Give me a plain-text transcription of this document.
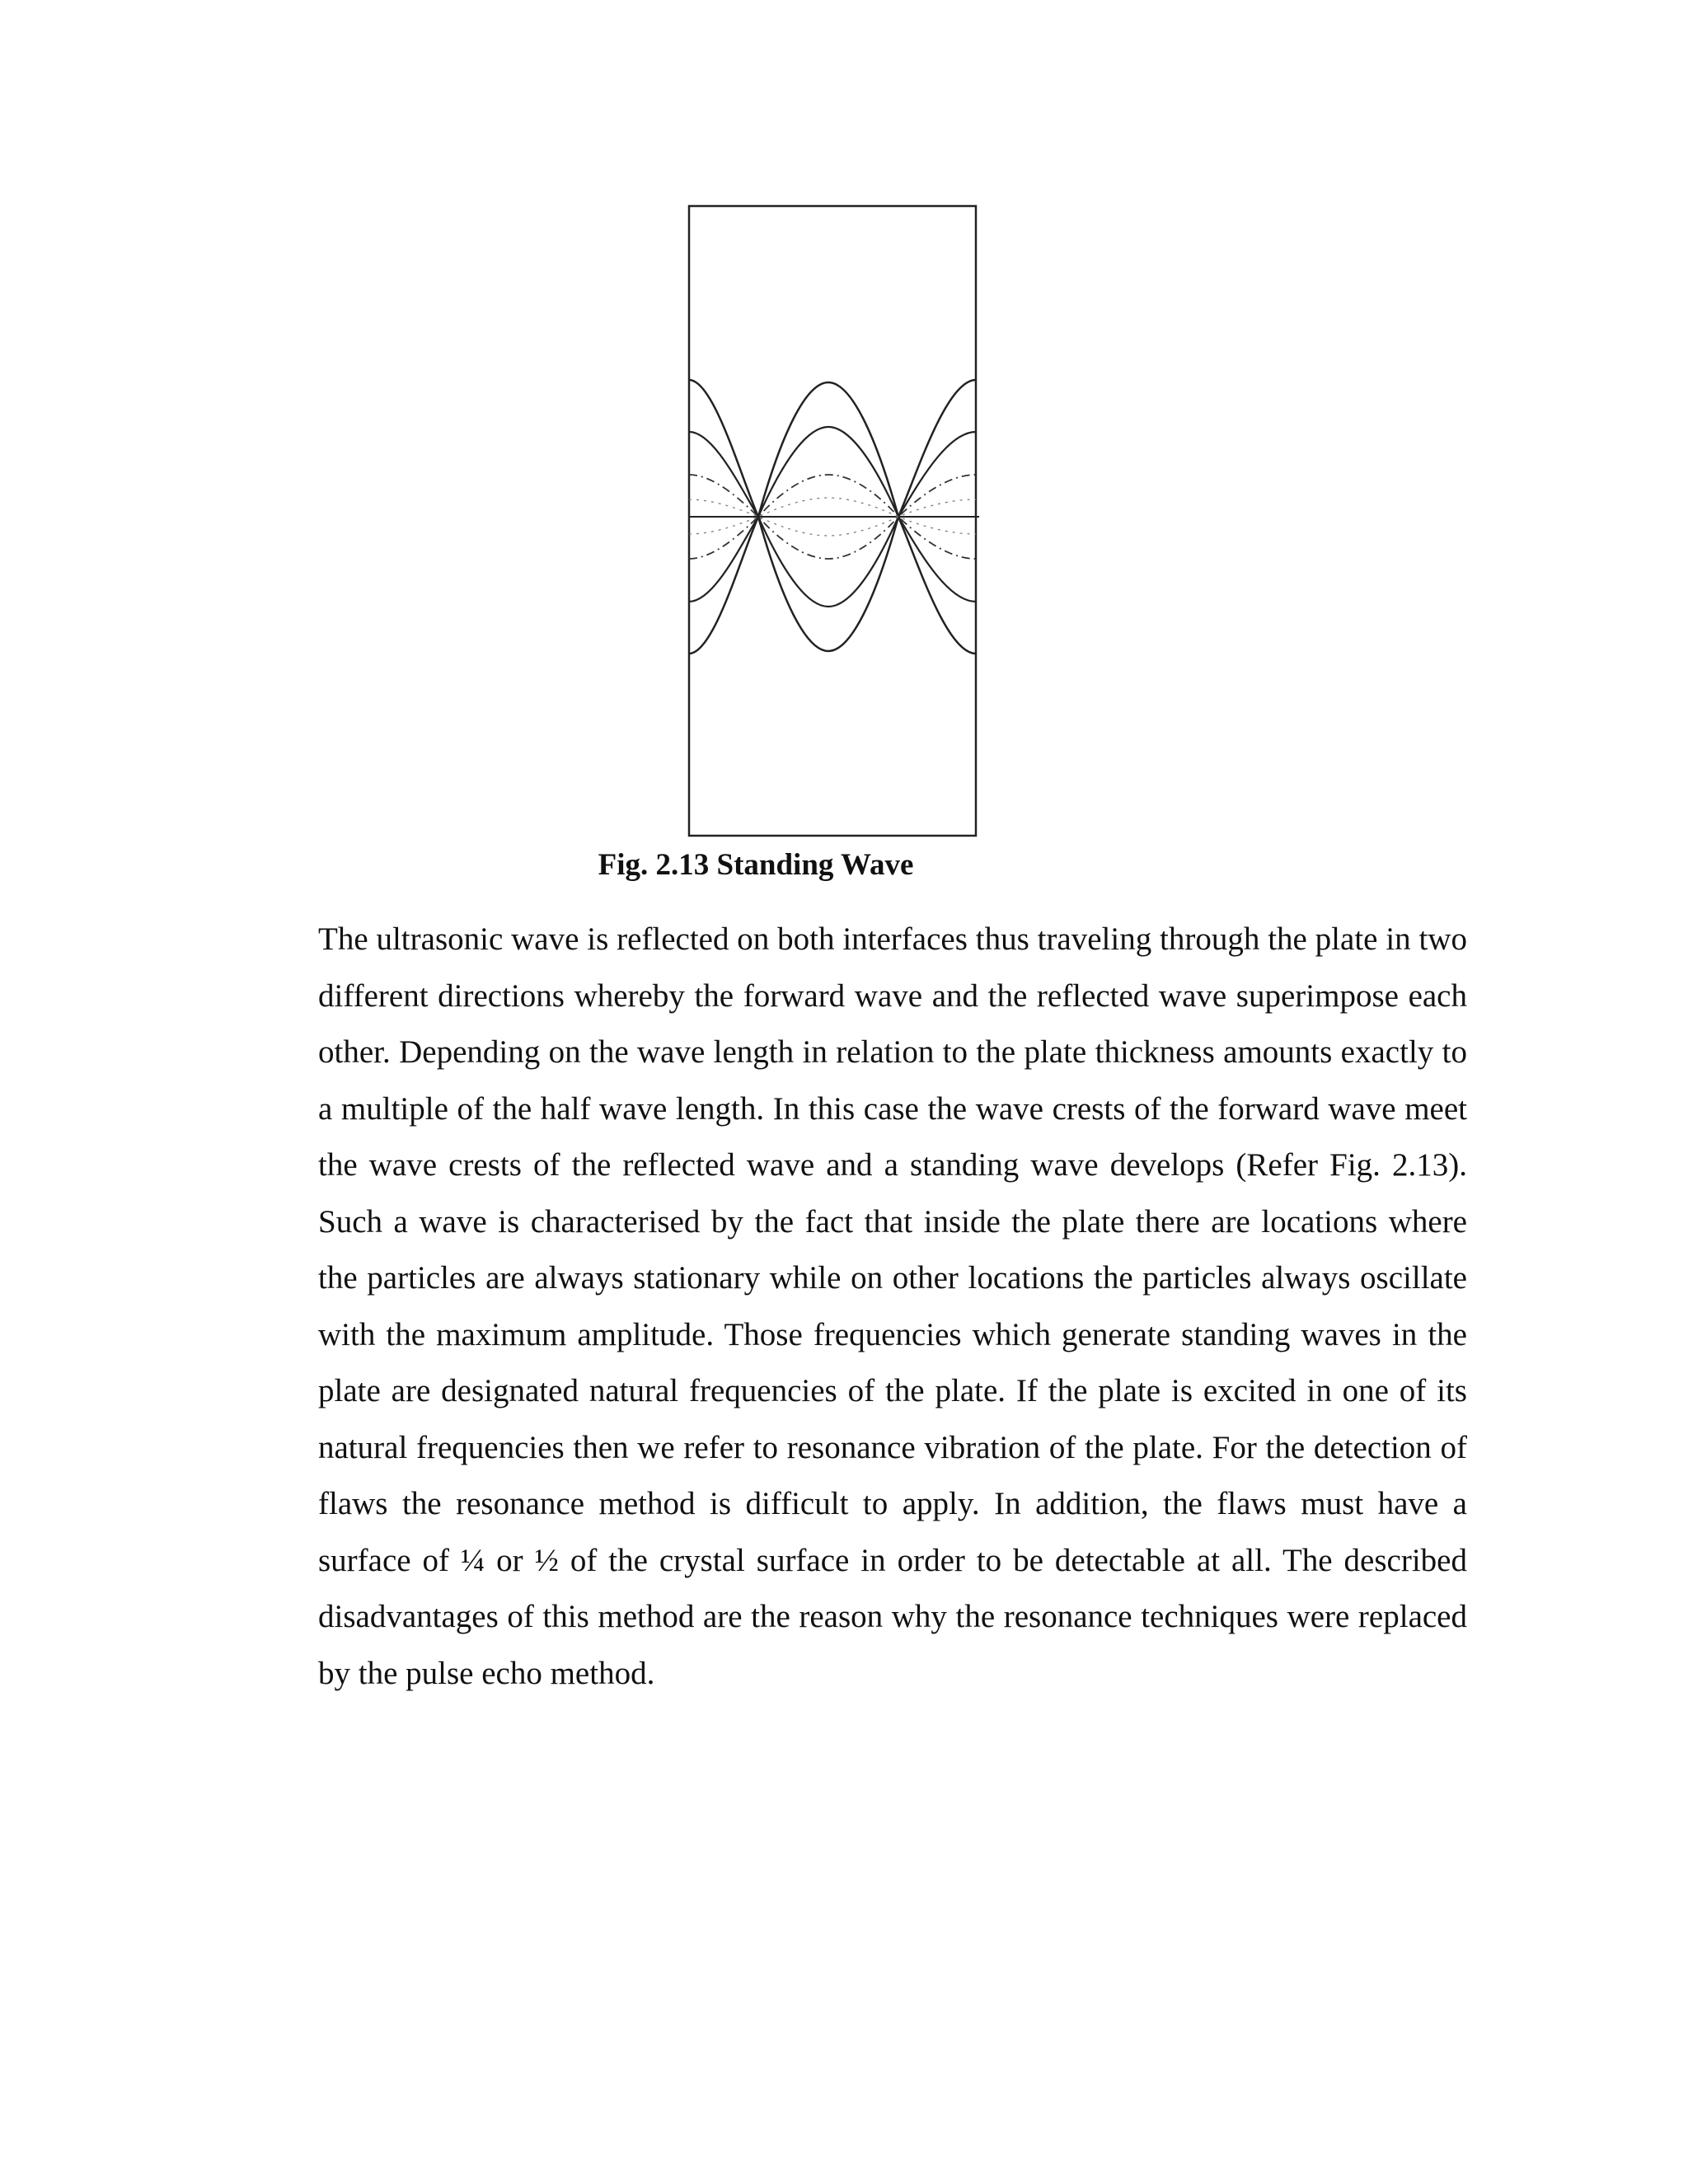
Fig. 2.13 Standing Wave

The ultrasonic wave is reflected on both interfaces thus traveling through the plate in two different directions whereby the forward wave and the reflected wave superimpose each other. Depending on the wave length in relation to the plate thickness amounts exactly to a multiple of the half wave length. In this case the wave crests of the forward wave meet the wave crests of the reflected wave and a standing wave develops (Refer Fig. 2.13). Such a wave is characterised by the fact that inside the plate there are locations where the particles are always stationary while on other locations the particles always oscillate with the maximum amplitude. Those frequencies which generate standing waves in the plate are designated natural frequencies of the plate. If the plate is excited in one of its natural frequencies then we refer to resonance vibration of the plate. For the detection of flaws the resonance method is difficult to apply. In addition, the flaws must have a surface of ¼ or ½ of the crystal surface in order to be detectable at all. The described disadvantages of this method are the reason why the resonance techniques were replaced by the pulse echo method.
